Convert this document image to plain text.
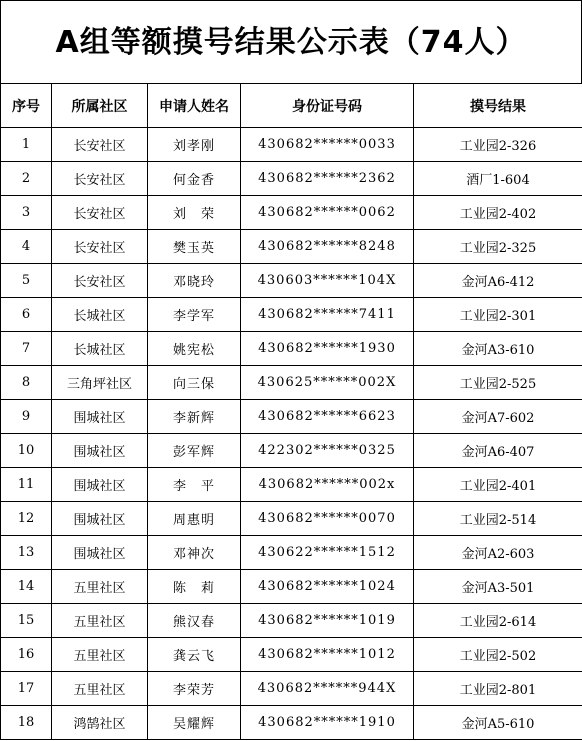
A组等额摸号结果公示表（74人）
序号	所属社区	申请人姓名	身份证号码	摸号结果
1	长安社区	刘孝刚	430682******0033	工业园2-326
2	长安社区	何金香	430682******2362	酒厂1-604
3	长安社区	刘　荣	430682******0062	工业园2-402
4	长安社区	樊玉英	430682******8248	工业园2-325
5	长安社区	邓晓玲	430603******104X	金河A6-412
6	长城社区	李学军	430682******7411	工业园2-301
7	长城社区	姚宪松	430682******1930	金河A3-610
8	三角坪社区	向三保	430625******002X	工业园2-525
9	围城社区	李新辉	430682******6623	金河A7-602
10	围城社区	彭军辉	422302******0325	金河A6-407
11	围城社区	李　平	430682******002x	工业园2-401
12	围城社区	周惠明	430682******0070	工业园2-514
13	围城社区	邓神次	430622******1512	金河A2-603
14	五里社区	陈　莉	430682******1024	金河A3-501
15	五里社区	熊汉春	430682******1019	工业园2-614
16	五里社区	龚云飞	430682******1012	工业园2-502
17	五里社区	李荣芳	430682******944X	工业园2-801
18	鸿鹄社区	吴耀辉	430682******1910	金河A5-610
